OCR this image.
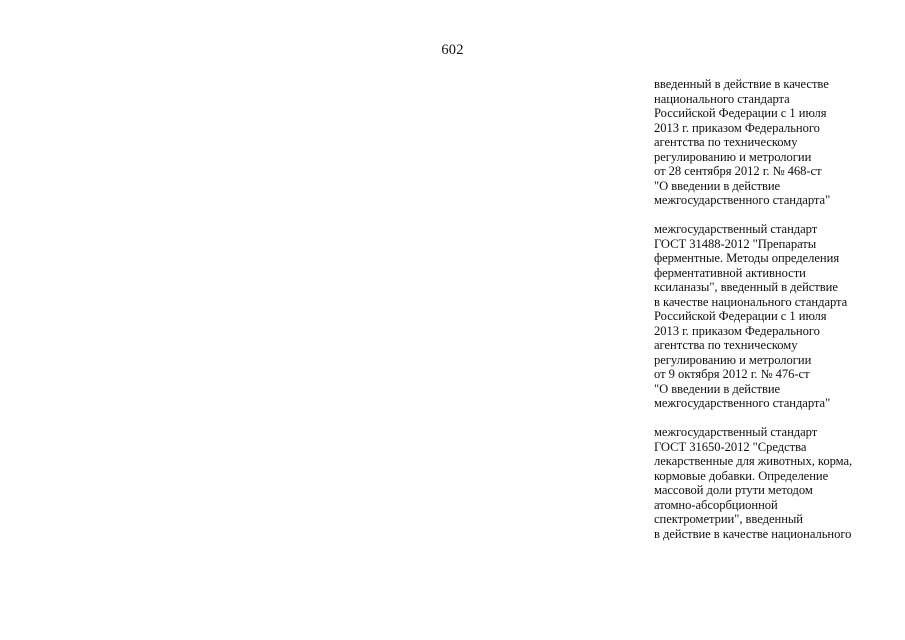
602
введенный в действие в качестве
национального стандарта
Российской Федерации с 1 июля
2013 г. приказом Федерального
агентства по техническому
регулированию и метрологии
от 28 сентября 2012 г. № 468-ст
"О введении в действие
межгосударственного стандарта"
межгосударственный стандарт
ГОСТ 31488-2012 "Препараты
ферментные. Методы определения
ферментативной активности
ксиланазы", введенный в действие
в качестве национального стандарта
Российской Федерации с 1 июля
2013 г. приказом Федерального
агентства по техническому
регулированию и метрологии
от 9 октября 2012 г. № 476-ст
"О введении в действие
межгосударственного стандарта"
межгосударственный стандарт
ГОСТ 31650-2012 "Средства
лекарственные для животных, корма,
кормовые добавки. Определение
массовой доли ртути методом
атомно-абсорбционной
спектрометрии", введенный
в действие в качестве национального
